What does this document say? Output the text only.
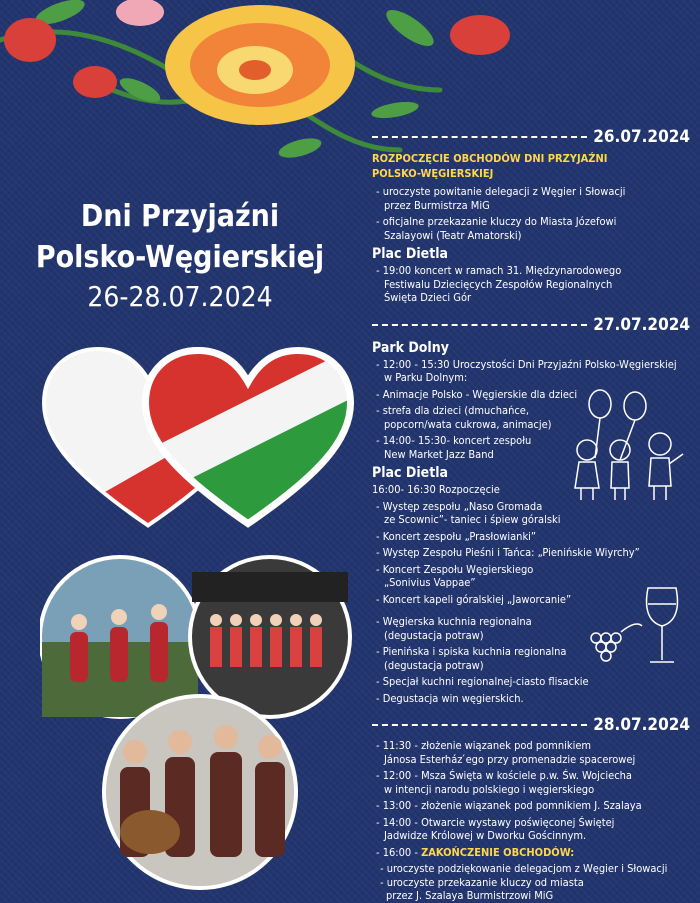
Dni Przyjaźni
Polsko-Węgierskiej
26-28.07.2024
26.07.2024
ROZPOCZĘCIE OBCHODÓW DNI PRZYJAŹNI
POLSKO-WĘGIERSKIEJ
- uroczyste powitanie delegacji z Węgier i Słowacji
przez Burmistrza MiG
- oficjalne przekazanie kluczy do Miasta Józefowi
Szalayowi (Teatr Amatorski)
Plac Dietla
- 19:00 koncert w ramach 31. Międzynarodowego
Festiwalu Dziecięcych Zespołów Regionalnych
Święta Dzieci Gór
27.07.2024
Park Dolny
- 12:00 - 15:30 Uroczystości Dni Przyjaźni Polsko-Węgierskiej
w Parku Dolnym:
- Animacje Polsko - Węgierskie dla dzieci
- strefa dla dzieci (dmuchańce,
popcorn/wata cukrowa, animacje)
- 14:00- 15:30- koncert zespołu
New Market Jazz Band
Plac Dietla
16:00- 16:30 Rozpoczęcie
- Występ zespołu „Naso Gromada
ze Scownic”- taniec i śpiew góralski
- Koncert zespołu „Prasłowianki”
- Występ Zespołu Pieśni i Tańca: „Pienińskie Wiyrchy”
- Koncert Zespołu Węgierskiego
„Sonivius Vappae”
- Koncert kapeli góralskiej „Jaworcanie”
- Węgierska kuchnia regionalna
(degustacja potraw)
- Pienińska i spiska kuchnia regionalna
(degustacja potraw)
- Specjał kuchni regionalnej-ciasto flisackie
- Degustacja win węgierskich.
28.07.2024
- 11:30 - złożenie wiązanek pod pomnikiem
Jánosa Esterház ́ego przy promenadzie spacerowej
- 12:00 - Msza Święta w kościele p.w. Św. Wojciecha
w intencji narodu polskiego i węgierskiego
- 13:00 - złożenie wiązanek pod pomnikiem J. Szalaya
- 14:00 - Otwarcie wystawy poświęconej Świętej
Jadwidze Królowej w Dworku Gościnnym.
- 16:00 - ZAKOŃCZENIE OBCHODÓW:
- uroczyste podziękowanie delegacjom z Węgier i Słowacji
- uroczyste przekazanie kluczy od miasta
przez J. Szalaya Burmistrzowi MiG
